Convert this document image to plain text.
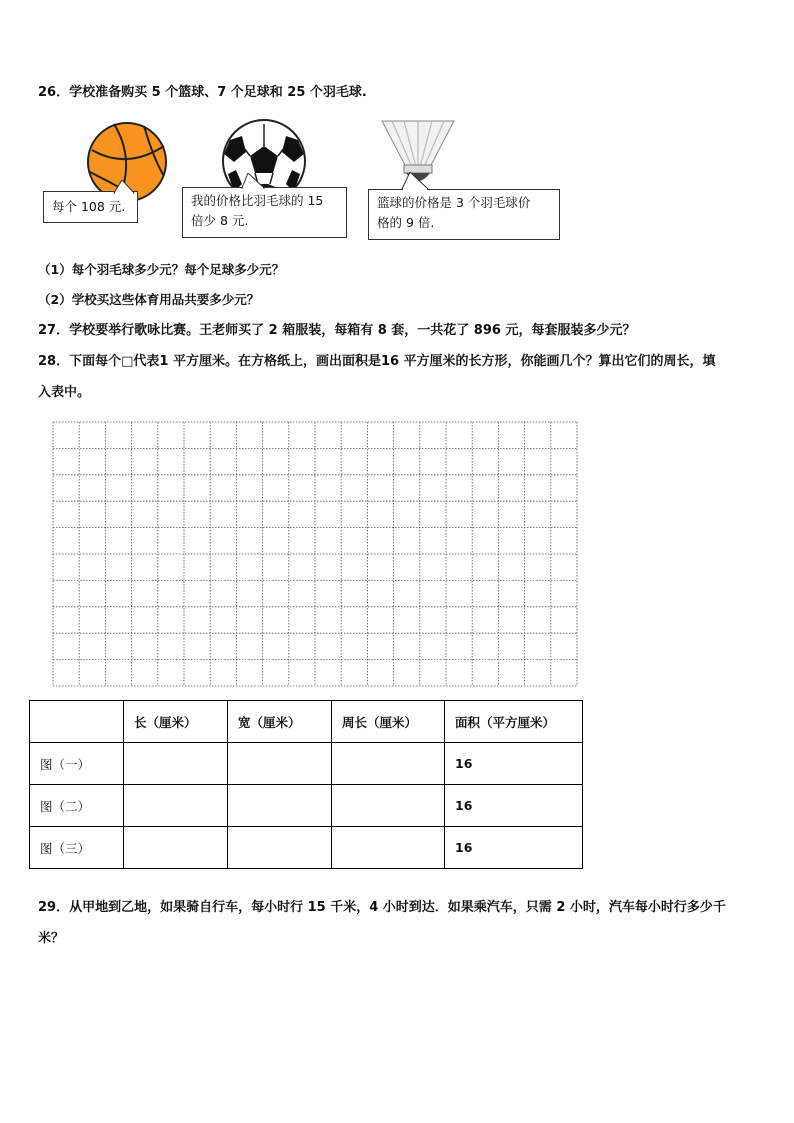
26．学校准备购买 5 个篮球、7 个足球和 25 个羽毛球.
每个 108 元.	我的价格比羽毛球的 15
倍少 8 元.
篮球的价格是 3 个羽毛球价
格的 9 倍.
（1）每个羽毛球多少元？每个足球多少元？
（2）学校买这些体育用品共要多少元？
27．学校要举行歌咏比赛。王老师买了 2 箱服装，每箱有 8 套，一共花了 896 元，每套服装多少元？
28．下面每个□代表1 平方厘米。在方格纸上，画出面积是16 平方厘米的长方形，你能画几个？算出它们的周长，填
入表中。
	长（厘米）	宽（厘米）	周长（厘米）	面积（平方厘米）
图（一）				16
图（二）				16
图（三）				16
29．从甲地到乙地，如果骑自行车，每小时行 15 千米，4 小时到达．如果乘汽车，只需 2 小时，汽车每小时行多少千
米？
